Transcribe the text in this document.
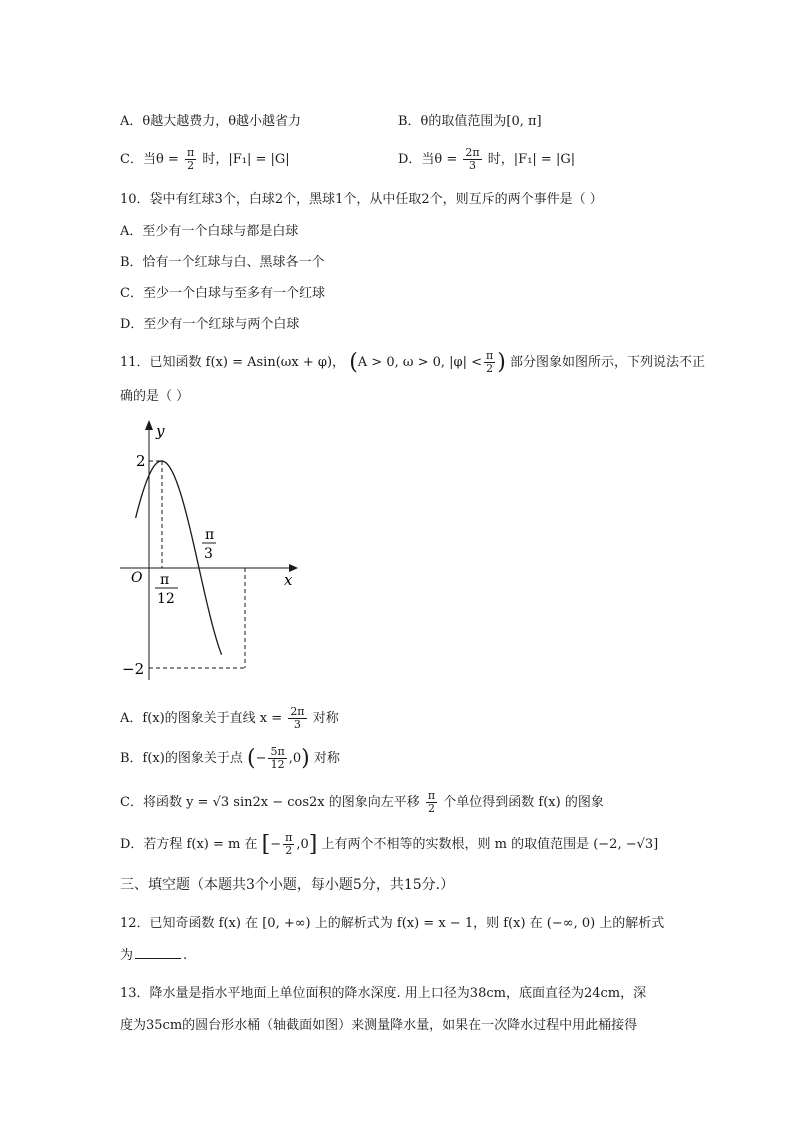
A．θ越大越费力，θ越小越省力	B．θ的取值范围为[0, π]
C．当$\theta = \frac{\pi}{2}$ 时，|F₁| = |G|	D．当$\theta = \frac{2\pi}{3}$ 时，|F₁| = |G|
10．袋中有红球3个，白球2个，黑球1个，从中任取2个，则互斥的两个事件是（ ）
A．至少有一个白球与都是白球
B．恰有一个红球与白、黑球各一个
C．至少一个白球与至多有一个红球
D．至少有一个红球与两个白球
11．已知函数 f(x) = Asin(ωx + φ)， (A > 0, ω > 0, $|\varphi| < \frac{\pi}{2}$ ) 部分图象如图所示，下列说法不正
确的是（ ）
y
x
O
2
−2
π
12
π
3
A．f(x)的图象关于直线 $x = \frac{2\pi}{3}$ 对称
B．f(x)的图象关于点 (− $\frac{5\pi}{12} ,0$) 对称
C．将函数 y = √3 sin2x − cos2x 的图象向左平移 $\frac{\pi}{2}$ 个单位得到函数 f(x) 的图象
D．若方程 f(x) = m 在 [− $\frac{\pi}{2} ,0$] 上有两个不相等的实数根，则 m 的取值范围是 (−2, −√3]
三、填空题（本题共3个小题，每小题5分，共15分.）
12．已知奇函数 f(x) 在 [0, +∞) 上的解析式为 f(x) = x − 1，则 f(x) 在 (−∞, 0) 上的解析式
为	.
13．降水量是指水平地面上单位面积的降水深度. 用上口径为38cm，底面直径为24cm，深
度为35cm的圆台形水桶（轴截面如图）来测量降水量，如果在一次降水过程中用此桶接得
